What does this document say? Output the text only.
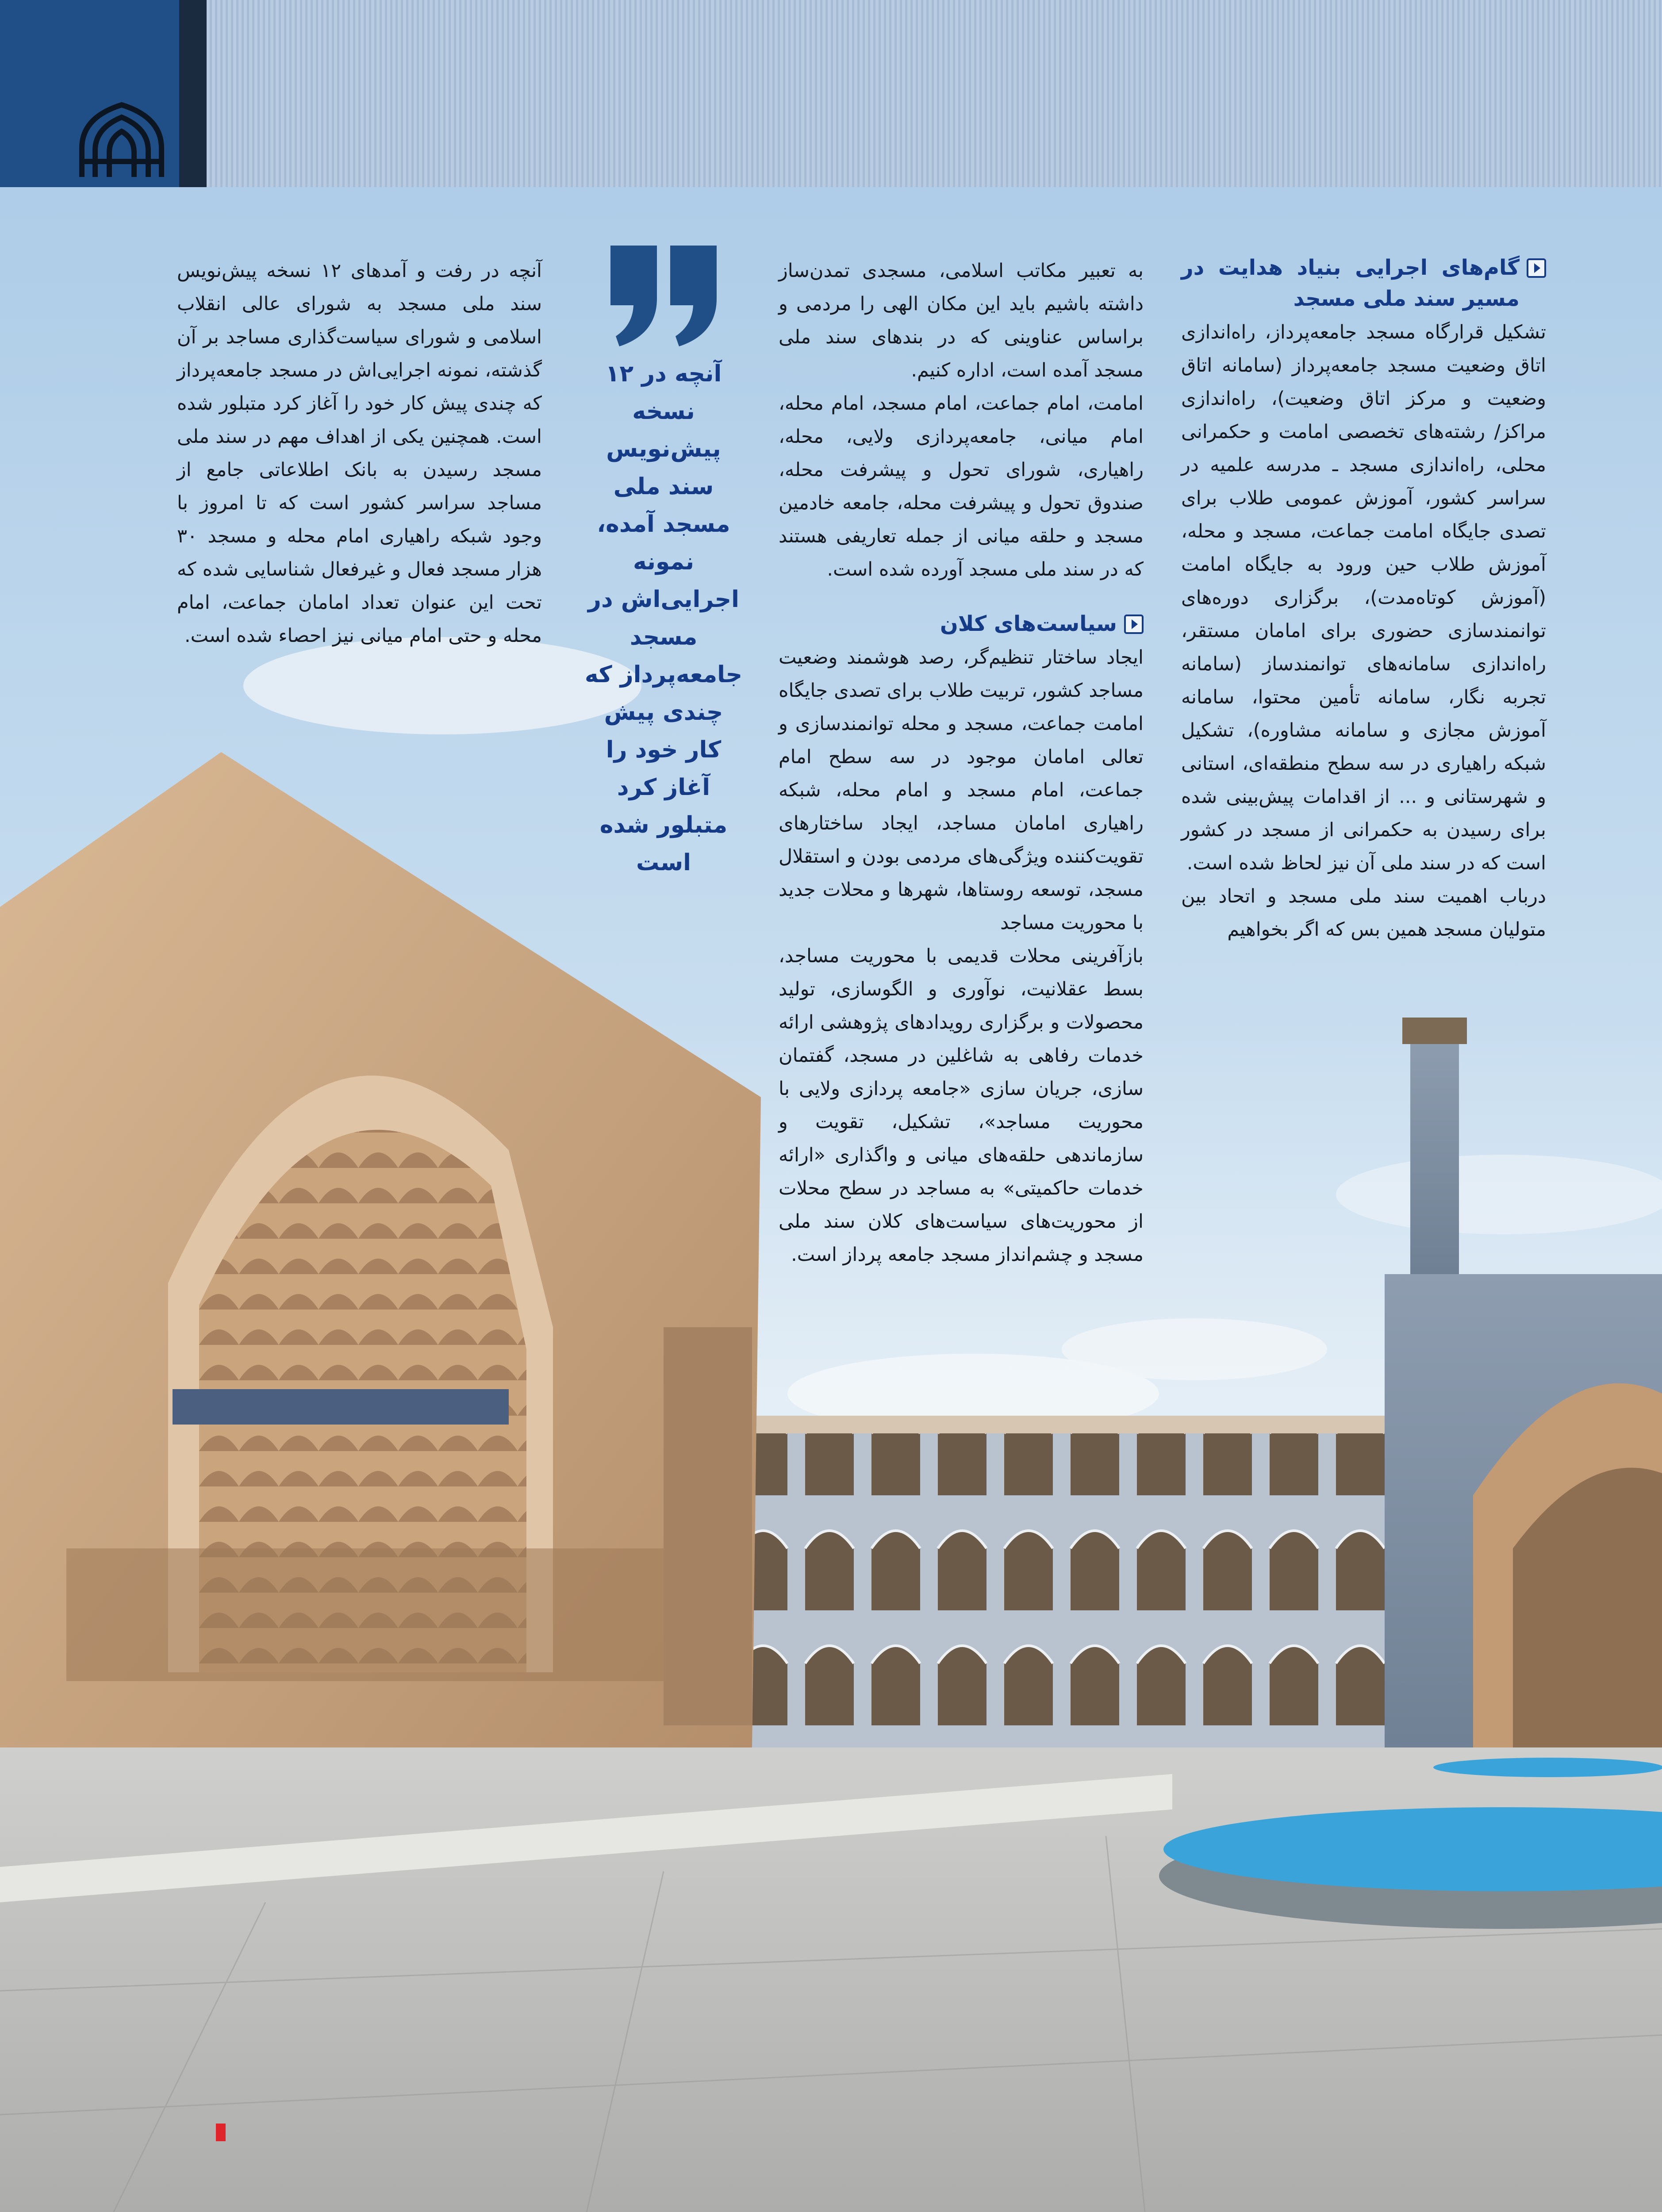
گام‌های اجرایی بنیاد هدایت در مسیر سند ملی مسجد

تشکیل قرارگاه مسجد جامعه‌پرداز، راه‌اندازی اتاق وضعیت مسجد جامعه‌پرداز (سامانه اتاق وضعیت و مرکز اتاق وضعیت)، راه‌اندازی مراکز/ رشته‌های تخصصی امامت و حکمرانی محلی، راه‌اندازی مسجد ـ مدرسه علمیه در سراسر کشور، آموزش عمومی طلاب برای تصدی جایگاه امامت جماعت، مسجد و محله، آموزش طلاب حین ورود به جایگاه امامت (آموزش کوتاه‌مدت)، برگزاری دوره‌های توانمندسازی حضوری برای امامان مستقر، راه‌اندازی سامانه‌های توانمندساز (سامانه تجربه نگار، سامانه تأمین محتوا، سامانه آموزش مجازی و سامانه مشاوره)، تشکیل شبکه راهیاری در سه سطح منطقه‌ای، استانی و شهرستانی و ... از اقدامات پیش‌بینی شده برای رسیدن به حکمرانی از مسجد در کشور است که در سند ملی آن نیز لحاظ شده است.

درباب اهمیت سند ملی مسجد و اتحاد بین متولیان مسجد همین بس که اگر بخواهیم

به تعبیر مکاتب اسلامی، مسجدی تمدن‌ساز داشته باشیم باید این مکان الهی را مردمی و براساس عناوینی که در بندهای سند ملی مسجد آمده است، اداره کنیم.

امامت، امام جماعت، امام مسجد، امام محله، امام میانی، جامعه‌پردازی ولایی، محله، راهیاری، شورای تحول و پیشرفت محله، صندوق تحول و پیشرفت محله، جامعه خادمین مسجد و حلقه میانی از جمله تعاریفی هستند که در سند ملی مسجد آورده شده است.

سیاست‌های کلان

ایجاد ساختار تنظیم‌گر، رصد هوشمند وضعیت مساجد کشور، تربیت طلاب برای تصدی جایگاه امامت جماعت، مسجد و محله توانمندسازی و تعالی امامان موجود در سه سطح امام جماعت، امام مسجد و امام محله، شبکه راهیاری امامان مساجد، ایجاد ساختارهای تقویت‌کننده ویژگی‌های مردمی بودن و استقلال مسجد، توسعه روستاها، شهرها و محلات جدید با محوریت مساجد

بازآفرینی محلات قدیمی با محوریت مساجد، بسط عقلانیت، نوآوری و الگوسازی، تولید محصولات و برگزاری رویدادهای پژوهشی ارائه خدمات رفاهی به شاغلین در مسجد، گفتمان سازی، جریان سازی «جامعه پردازی ولایی با محوریت مساجد»، تشکیل، تقویت و سازماندهی حلقه‌های میانی و واگذاری «ارائه خدمات حاکمیتی» به مساجد در سطح محلات از محوریت‌های سیاست‌های کلان سند ملی مسجد و چشم‌انداز مسجد جامعه پرداز است.

آنچه در ۱۲ نسخه پیش‌نویس سند ملی مسجد آمده، نمونه اجرایی‌اش در مسجد جامعه‌پرداز که چندی پیش کار خود را آغاز کرد متبلور شده است

آنچه در رفت و آمدهای ۱۲ نسخه پیش‌نویس سند ملی مسجد به شورای عالی انقلاب اسلامی و شورای سیاست‌گذاری مساجد بر آن گذشته، نمونه اجرایی‌اش در مسجد جامعه‌پرداز که چندی پیش کار خود را آغاز کرد متبلور شده است. همچنین یکی از اهداف مهم در سند ملی مسجد رسیدن به بانک اطلاعاتی جامع از مساجد سراسر کشور است که تا امروز با وجود شبکه راهیاری امام محله و مسجد ۳۰ هزار مسجد فعال و غیرفعال شناسایی شده که تحت این عنوان تعداد امامان جماعت، امام محله و حتی امام میانی نیز احصاء شده است.
